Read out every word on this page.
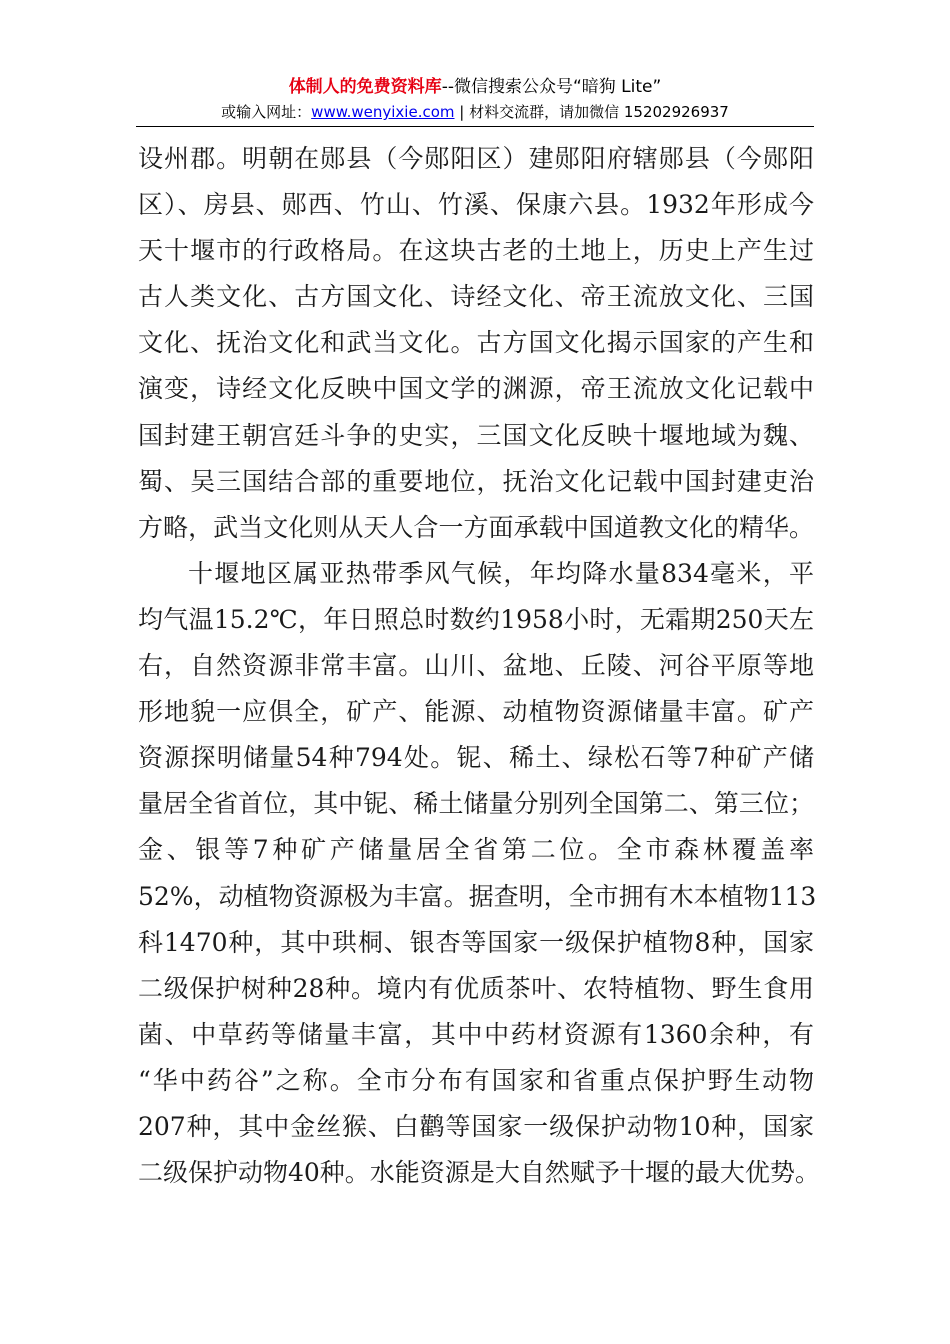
体制人的免费资料库--微信搜索公众号“暗狗 Lite”
或输入网址：www.wenyixie.com | 材料交流群，请加微信 15202926937
设州郡。明朝在郧县（今郧阳区）建郧阳府辖郧县（今郧阳
区）、房县、郧西、竹山、竹溪、保康六县。1932年形成今
天十堰市的行政格局。在这块古老的土地上，历史上产生过
古人类文化、古方国文化、诗经文化、帝王流放文化、三国
文化、抚治文化和武当文化。古方国文化揭示国家的产生和
演变，诗经文化反映中国文学的渊源，帝王流放文化记载中
国封建王朝宫廷斗争的史实，三国文化反映十堰地域为魏、
蜀、吴三国结合部的重要地位，抚治文化记载中国封建吏治
方略，武当文化则从天人合一方面承载中国道教文化的精华。
十堰地区属亚热带季风气候，年均降水量834毫米，平
均气温15.2℃，年日照总时数约1958小时，无霜期250天左
右，自然资源非常丰富。山川、盆地、丘陵、河谷平原等地
形地貌一应俱全，矿产、能源、动植物资源储量丰富。矿产
资源探明储量54种794处。铌、稀土、绿松石等7种矿产储
量居全省首位，其中铌、稀土储量分别列全国第二、第三位；
金、银等7种矿产储量居全省第二位。全市森林覆盖率
52%，动植物资源极为丰富。据查明，全市拥有木本植物113
科1470种，其中珙桐、银杏等国家一级保护植物8种，国家
二级保护树种28种。境内有优质茶叶、农特植物、野生食用
菌、中草药等储量丰富，其中中药材资源有1360余种，有
“华中药谷”之称。全市分布有国家和省重点保护野生动物
207种，其中金丝猴、白鹳等国家一级保护动物10种，国家
二级保护动物40种。水能资源是大自然赋予十堰的最大优势。
